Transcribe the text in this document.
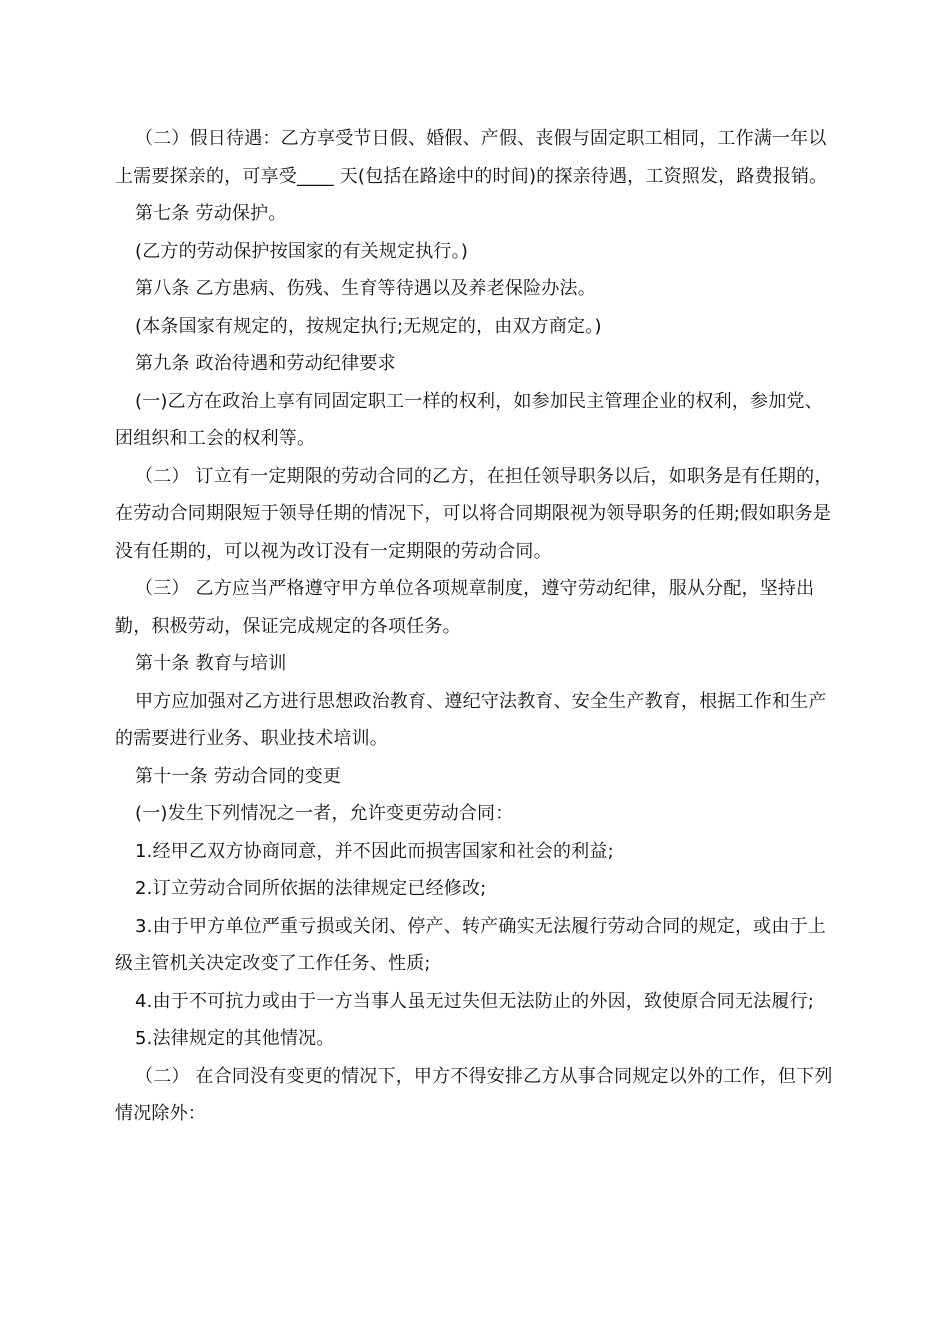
（二）假日待遇：乙方享受节日假、婚假、产假、丧假与固定职工相同，工作满一年以上需要探亲的，可享受____ 天(包括在路途中的时间)的探亲待遇，工资照发，路费报销。

第七条 劳动保护。

(乙方的劳动保护按国家的有关规定执行。)

第八条 乙方患病、伤残、生育等待遇以及养老保险办法。

(本条国家有规定的，按规定执行;无规定的，由双方商定。)

第九条 政治待遇和劳动纪律要求

(一)乙方在政治上享有同固定职工一样的权利，如参加民主管理企业的权利，参加党、团组织和工会的权利等。

（二） 订立有一定期限的劳动合同的乙方，在担任领导职务以后，如职务是有任期的，在劳动合同期限短于领导任期的情况下，可以将合同期限视为领导职务的任期;假如职务是没有任期的，可以视为改订没有一定期限的劳动合同。

（三） 乙方应当严格遵守甲方单位各项规章制度，遵守劳动纪律，服从分配，坚持出勤，积极劳动，保证完成规定的各项任务。

第十条 教育与培训

甲方应加强对乙方进行思想政治教育、遵纪守法教育、安全生产教育，根据工作和生产的需要进行业务、职业技术培训。

第十一条 劳动合同的变更

(一)发生下列情况之一者，允许变更劳动合同：

1.经甲乙双方协商同意，并不因此而损害国家和社会的利益;

2.订立劳动合同所依据的法律规定已经修改;

3.由于甲方单位严重亏损或关闭、停产、转产确实无法履行劳动合同的规定，或由于上级主管机关决定改变了工作任务、性质;

4.由于不可抗力或由于一方当事人虽无过失但无法防止的外因，致使原合同无法履行;

5.法律规定的其他情况。

（二） 在合同没有变更的情况下，甲方不得安排乙方从事合同规定以外的工作，但下列情况除外：
